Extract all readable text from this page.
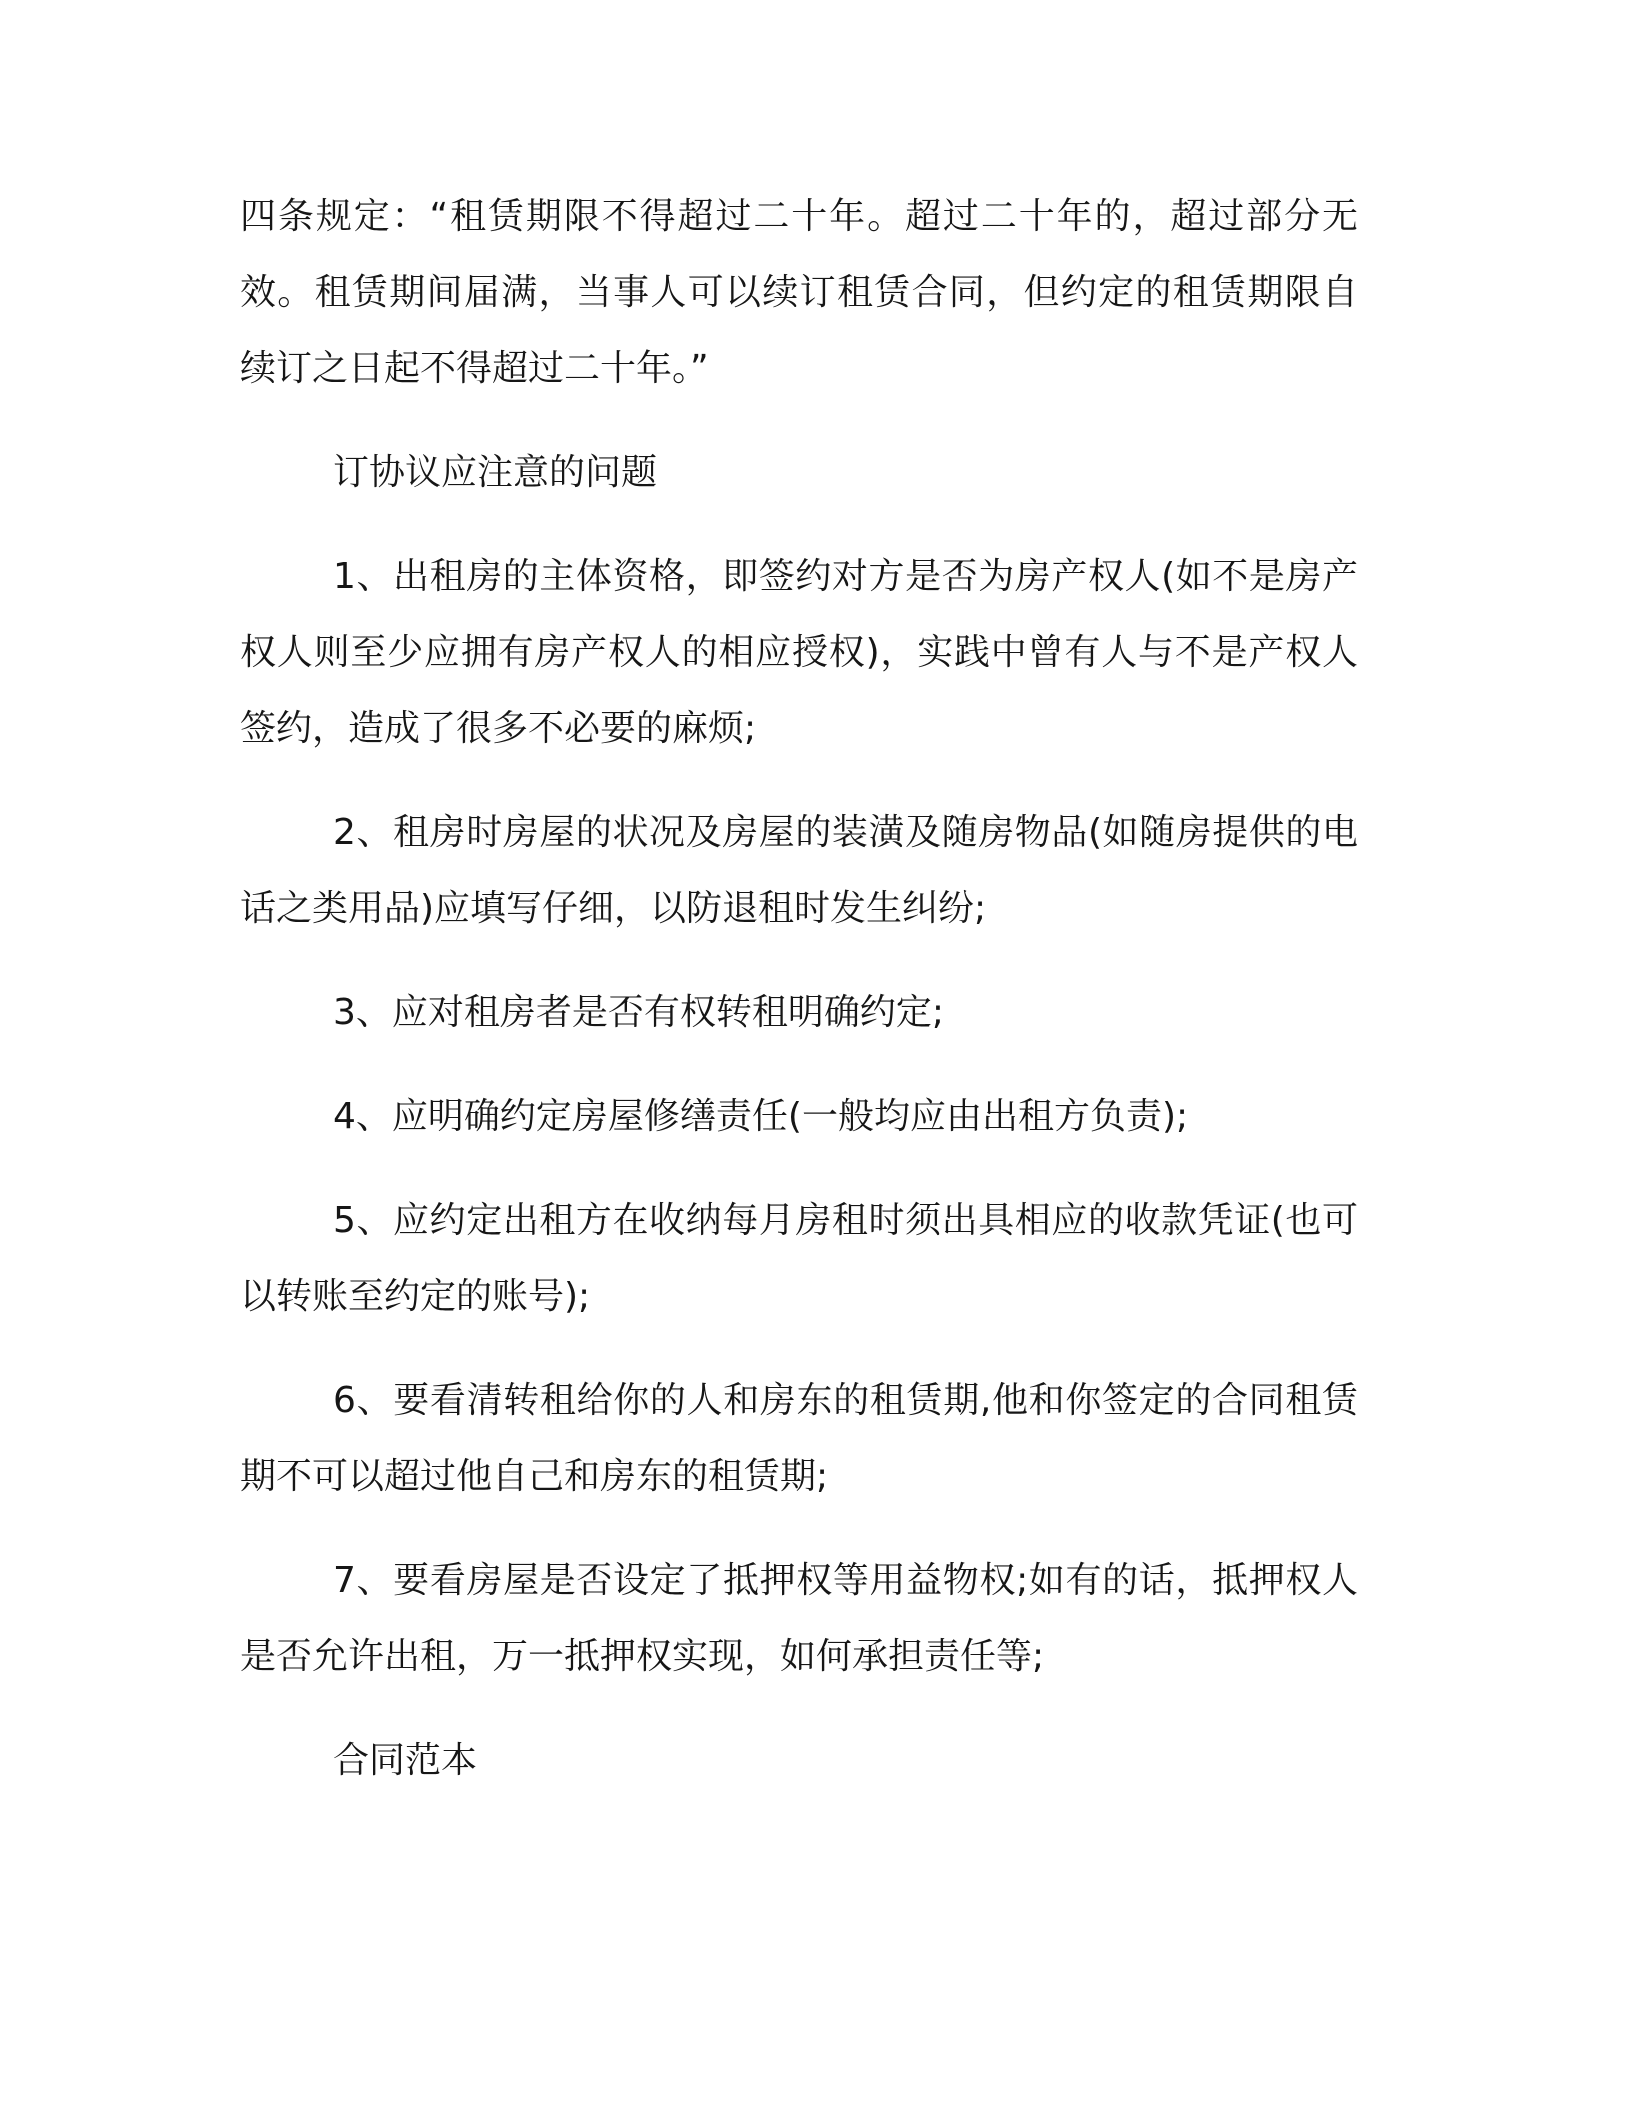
四条规定：“租赁期限不得超过二十年。超过二十年的，超过部分无
效。租赁期间届满，当事人可以续订租赁合同，但约定的租赁期限自
续订之日起不得超过二十年。”
订协议应注意的问题
1、出租房的主体资格，即签约对方是否为房产权人(如不是房产
权人则至少应拥有房产权人的相应授权)，实践中曾有人与不是产权人
签约，造成了很多不必要的麻烦;
2、租房时房屋的状况及房屋的装潢及随房物品(如随房提供的电
话之类用品)应填写仔细，以防退租时发生纠纷;
3、应对租房者是否有权转租明确约定;
4、应明确约定房屋修缮责任(一般均应由出租方负责);
5、应约定出租方在收纳每月房租时须出具相应的收款凭证(也可
以转账至约定的账号);
6、要看清转租给你的人和房东的租赁期,他和你签定的合同租赁
期不可以超过他自己和房东的租赁期;
7、要看房屋是否设定了抵押权等用益物权;如有的话，抵押权人
是否允许出租，万一抵押权实现，如何承担责任等;
合同范本
